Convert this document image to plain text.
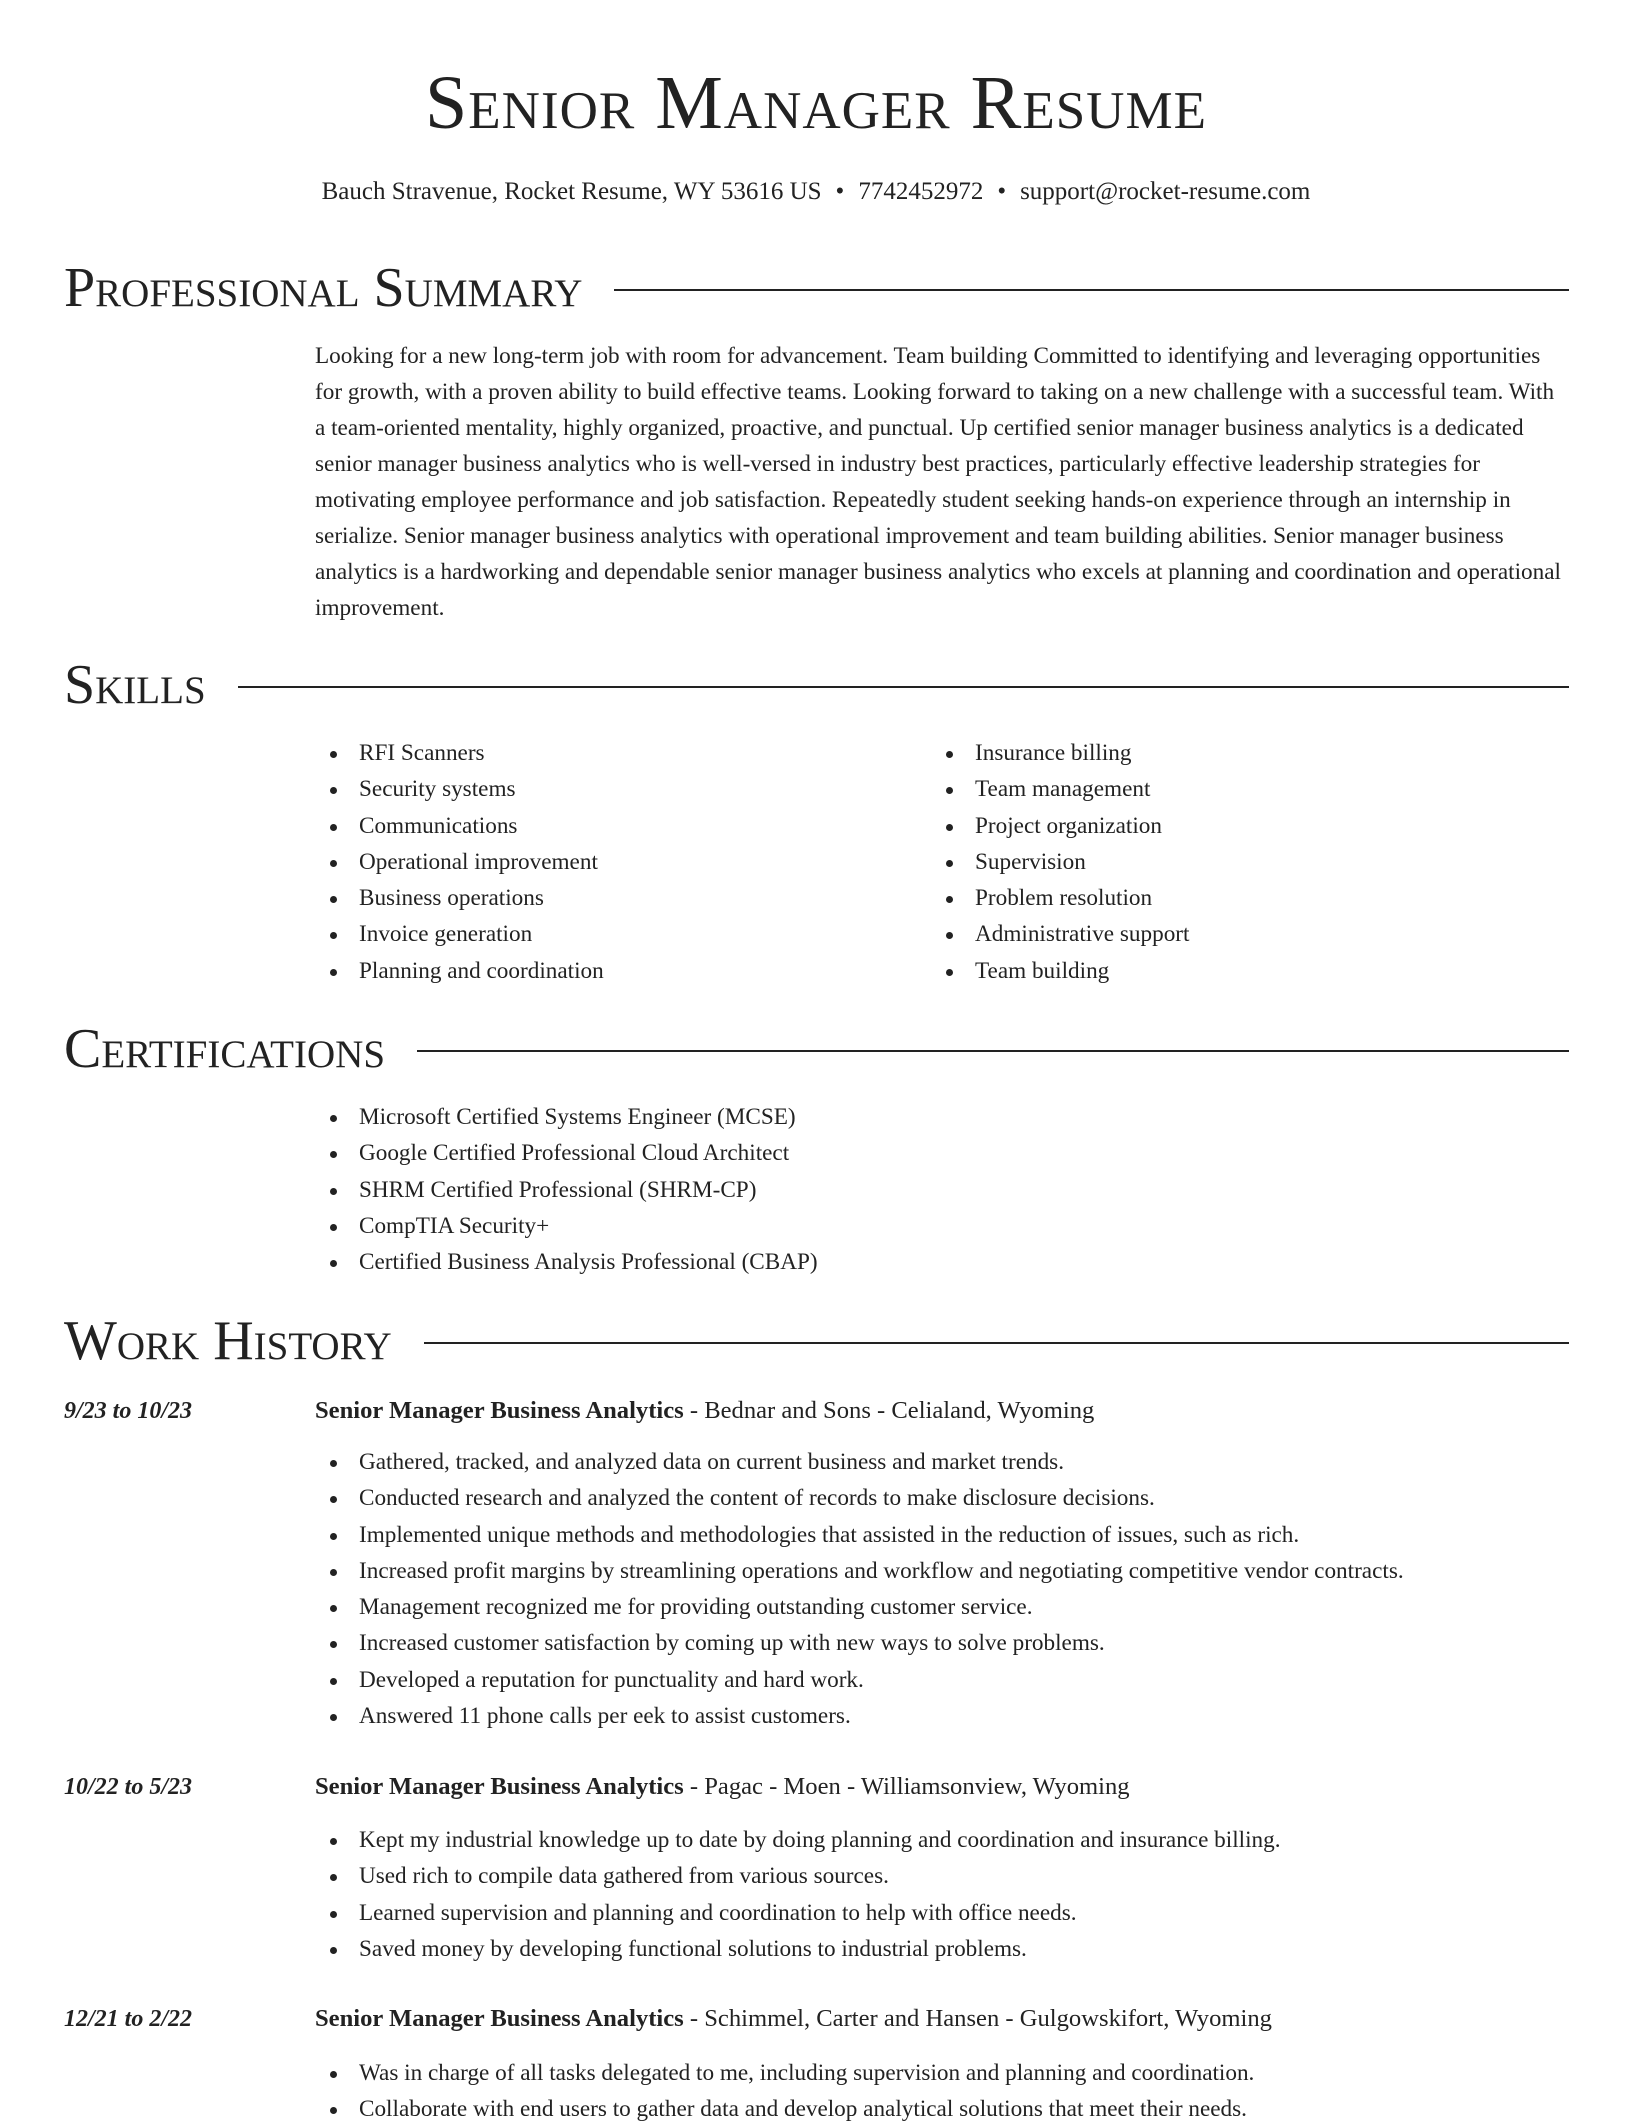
Senior Manager Resume
Bauch Stravenue, Rocket Resume, WY 53616 US • 7742452972 • support@rocket-resume.com
Professional Summary

Looking for a new long-term job with room for advancement. Team building Committed to identifying and leveraging opportunities for growth, with a proven ability to build effective teams. Looking forward to taking on a new challenge with a successful team. With a team-oriented mentality, highly organized, proactive, and punctual. Up certified senior manager business analytics is a dedicated senior manager business analytics who is well-versed in industry best practices, particularly effective leadership strategies for motivating employee performance and job satisfaction. Repeatedly student seeking hands-on experience through an internship in serialize. Senior manager business analytics with operational improvement and team building abilities. Senior manager business analytics is a hardworking and dependable senior manager business analytics who excels at planning and coordination and operational improvement.

Skills
RFI Scanners
Security systems
Communications
Operational improvement
Business operations
Invoice generation
Planning and coordination
Insurance billing
Team management
Project organization
Supervision
Problem resolution
Administrative support
Team building
Certifications
Microsoft Certified Systems Engineer (MCSE)
Google Certified Professional Cloud Architect
SHRM Certified Professional (SHRM-CP)
CompTIA Security+
Certified Business Analysis Professional (CBAP)
Work History
9/23 to 10/23	Senior Manager Business Analytics - Bednar and Sons - Celialand, Wyoming
Gathered, tracked, and analyzed data on current business and market trends.
Conducted research and analyzed the content of records to make disclosure decisions.
Implemented unique methods and methodologies that assisted in the reduction of issues, such as rich.
Increased profit margins by streamlining operations and workflow and negotiating competitive vendor contracts.
Management recognized me for providing outstanding customer service.
Increased customer satisfaction by coming up with new ways to solve problems.
Developed a reputation for punctuality and hard work.
Answered 11 phone calls per eek to assist customers.
10/22 to 5/23	Senior Manager Business Analytics - Pagac - Moen - Williamsonview, Wyoming
Kept my industrial knowledge up to date by doing planning and coordination and insurance billing.
Used rich to compile data gathered from various sources.
Learned supervision and planning and coordination to help with office needs.
Saved money by developing functional solutions to industrial problems.
12/21 to 2/22	Senior Manager Business Analytics - Schimmel, Carter and Hansen - Gulgowskifort, Wyoming
Was in charge of all tasks delegated to me, including supervision and planning and coordination.
Collaborate with end users to gather data and develop analytical solutions that meet their needs.
